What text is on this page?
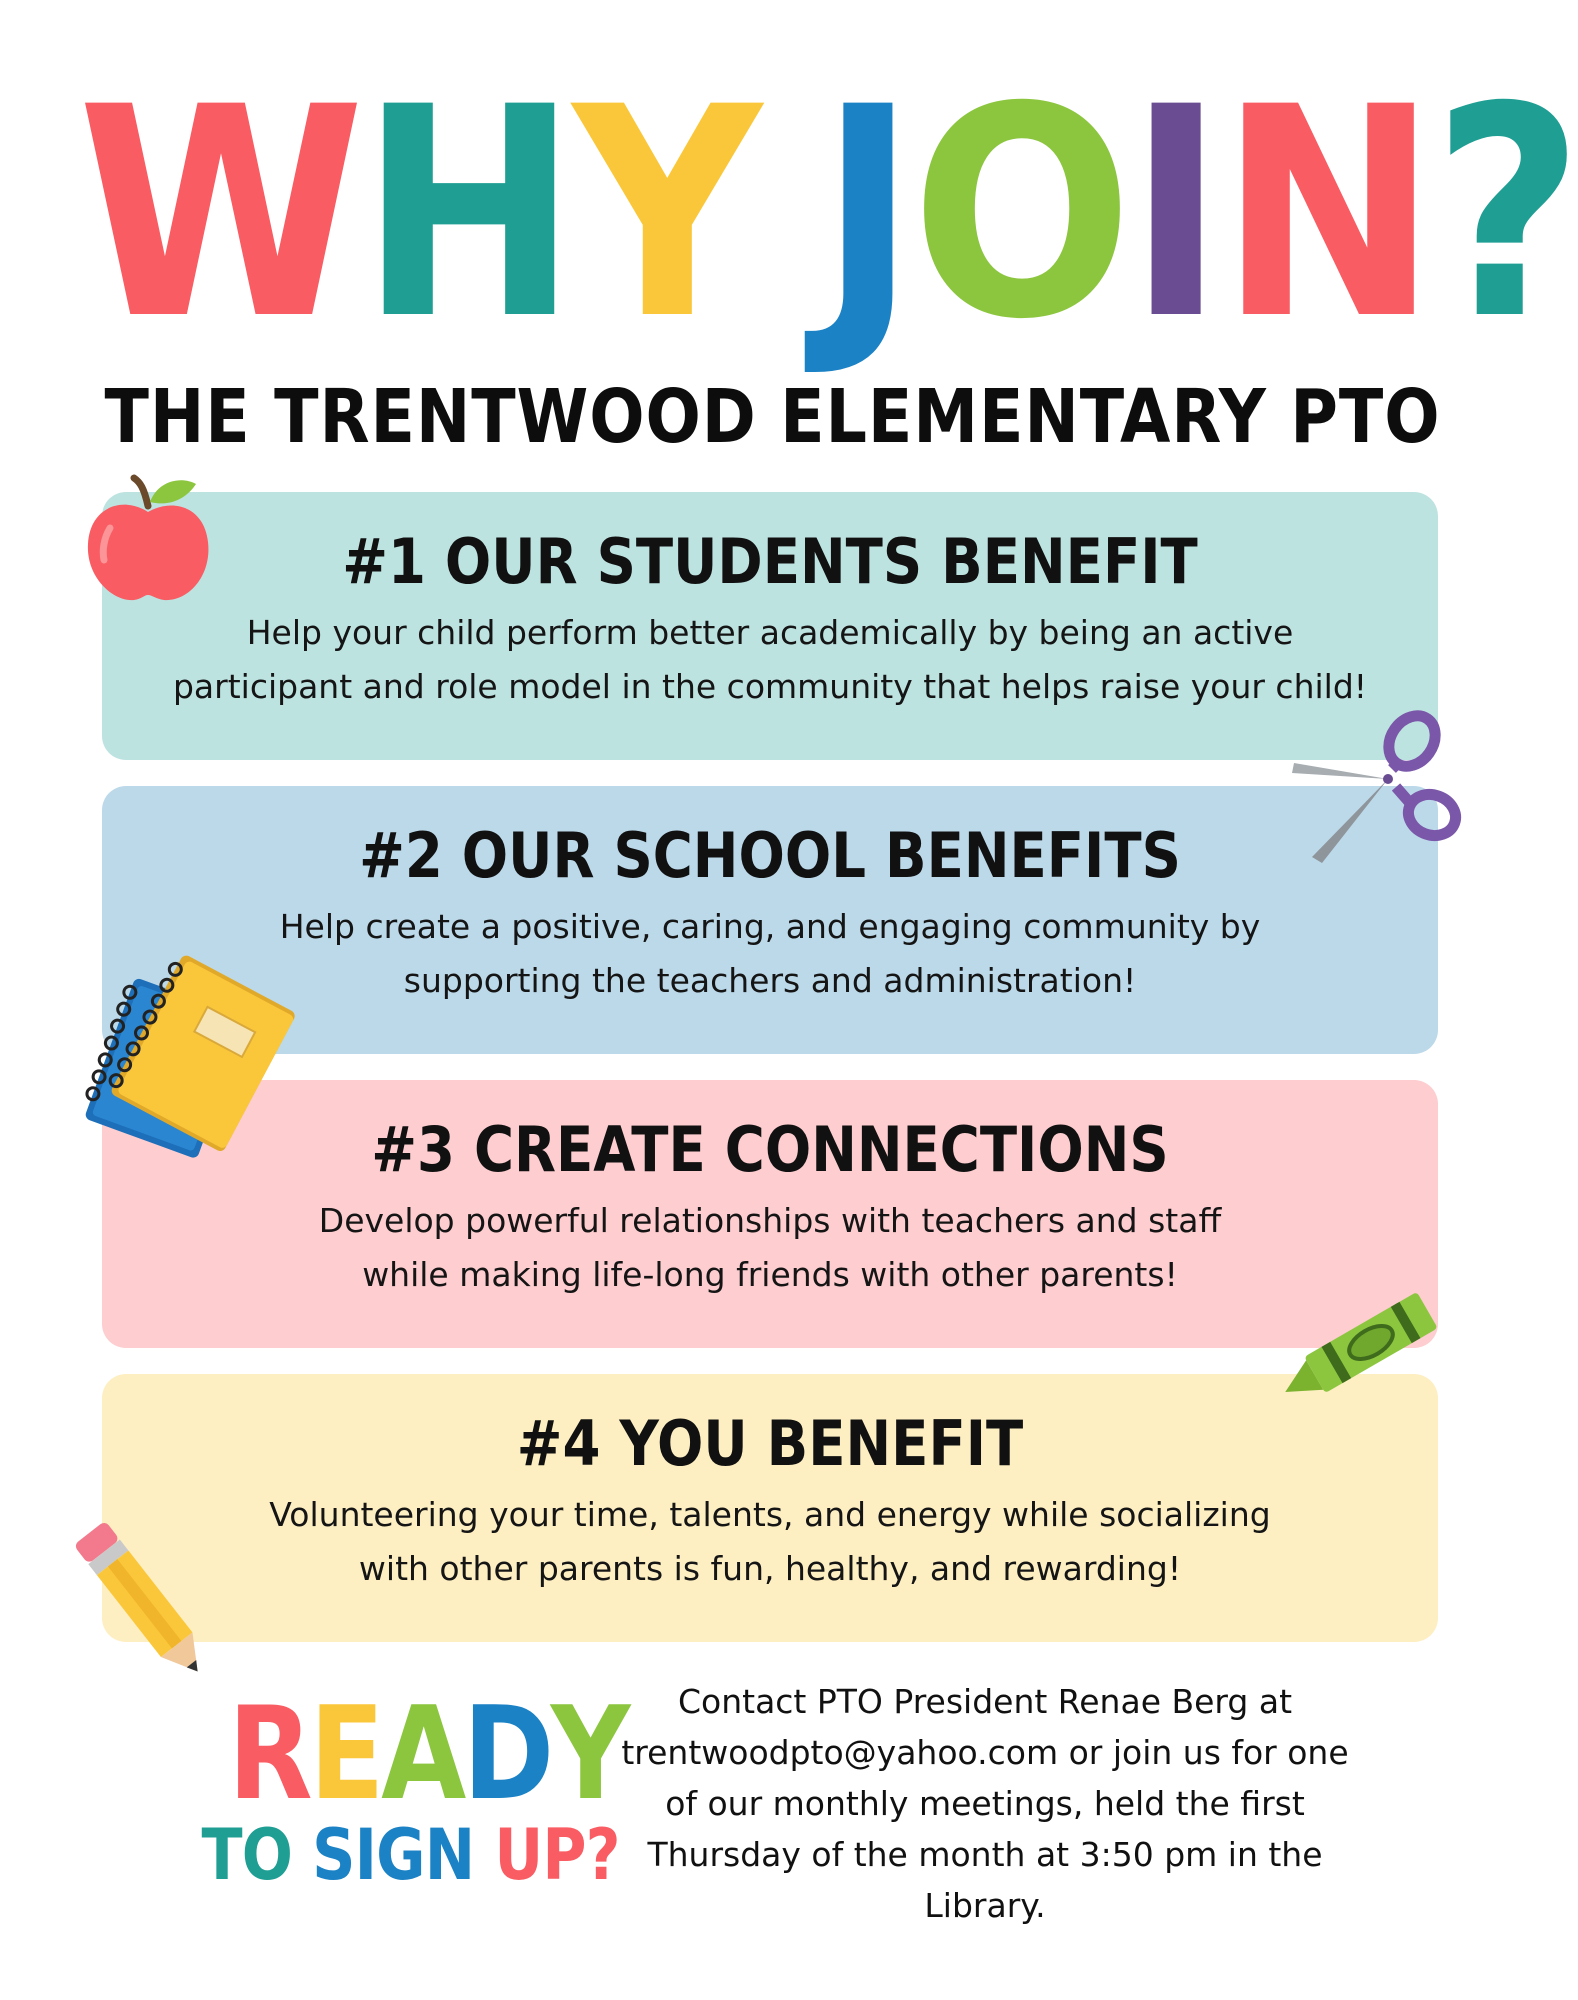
WHY JOIN?
THE TRENTWOOD ELEMENTARY PTO
#1 OUR STUDENTS BENEFIT

Help your child perform better academically by being an active
participant and role model in the community that helps raise your child!

#2 OUR SCHOOL BENEFITS

Help create a positive, caring, and engaging community by
supporting the teachers and administration!

#3 CREATE CONNECTIONS

Develop powerful relationships with teachers and staff
while making life-long friends with other parents!

#4 YOU BENEFIT

Volunteering your time, talents, and energy while socializing
with other parents is fun, healthy, and rewarding!

READY
TO SIGN UP?
Contact PTO President Renae Berg at
trentwoodpto@yahoo.com or join us for one
of our monthly meetings, held the first
Thursday of the month at 3:50 pm in the
Library.
